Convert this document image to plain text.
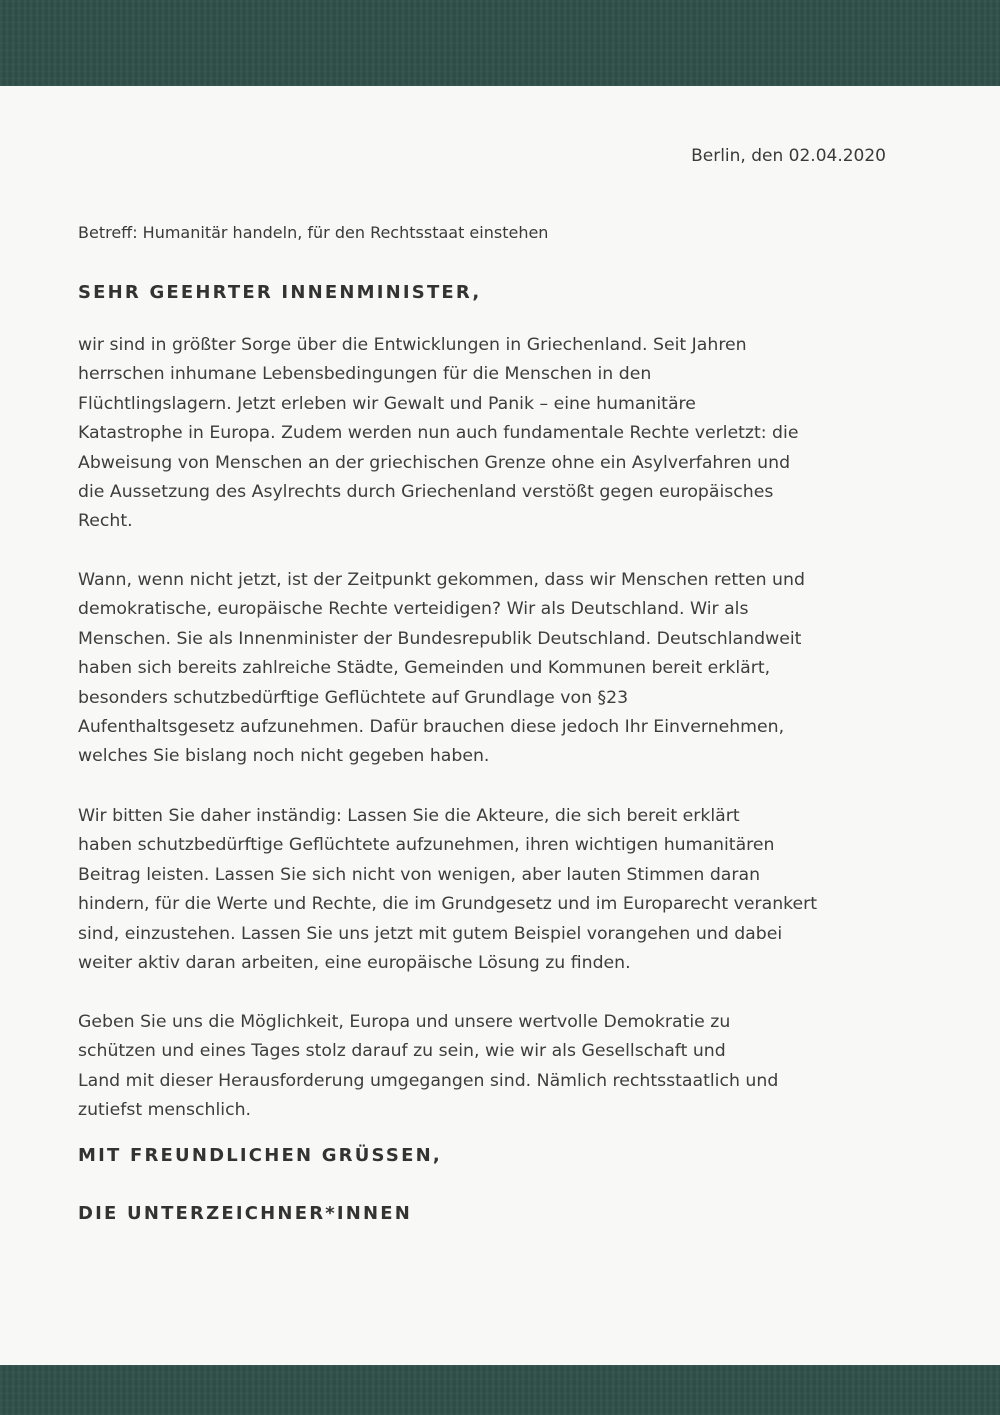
Berlin, den 02.04.2020
Betreff: Humanitär handeln, für den Rechtsstaat einstehen
SEHR GEEHRTER INNENMINISTER,
wir sind in größter Sorge über die Entwicklungen in Griechenland. Seit Jahren
herrschen inhumane Lebensbedingungen für die Menschen in den
Flüchtlingslagern. Jetzt erleben wir Gewalt und Panik – eine humanitäre
Katastrophe in Europa. Zudem werden nun auch fundamentale Rechte verletzt: die
Abweisung von Menschen an der griechischen Grenze ohne ein Asylverfahren und
die Aussetzung des Asylrechts durch Griechenland verstößt gegen europäisches
Recht.
Wann, wenn nicht jetzt, ist der Zeitpunkt gekommen, dass wir Menschen retten und
demokratische, europäische Rechte verteidigen? Wir als Deutschland. Wir als
Menschen. Sie als Innenminister der Bundesrepublik Deutschland. Deutschlandweit
haben sich bereits zahlreiche Städte, Gemeinden und Kommunen bereit erklärt,
besonders schutzbedürftige Geflüchtete auf Grundlage von §23
Aufenthaltsgesetz aufzunehmen. Dafür brauchen diese jedoch Ihr Einvernehmen,
welches Sie bislang noch nicht gegeben haben.
Wir bitten Sie daher inständig: Lassen Sie die Akteure, die sich bereit erklärt
haben schutzbedürftige Geflüchtete aufzunehmen, ihren wichtigen humanitären
Beitrag leisten. Lassen Sie sich nicht von wenigen, aber lauten Stimmen daran
hindern, für die Werte und Rechte, die im Grundgesetz und im Europarecht verankert
sind, einzustehen. Lassen Sie uns jetzt mit gutem Beispiel vorangehen und dabei
weiter aktiv daran arbeiten, eine europäische Lösung zu finden.
Geben Sie uns die Möglichkeit, Europa und unsere wertvolle Demokratie zu
schützen und eines Tages stolz darauf zu sein, wie wir als Gesellschaft und
Land mit dieser Herausforderung umgegangen sind. Nämlich rechtsstaatlich und
zutiefst menschlich.
MIT FREUNDLICHEN GRÜSSEN,
DIE UNTERZEICHNER*INNEN
